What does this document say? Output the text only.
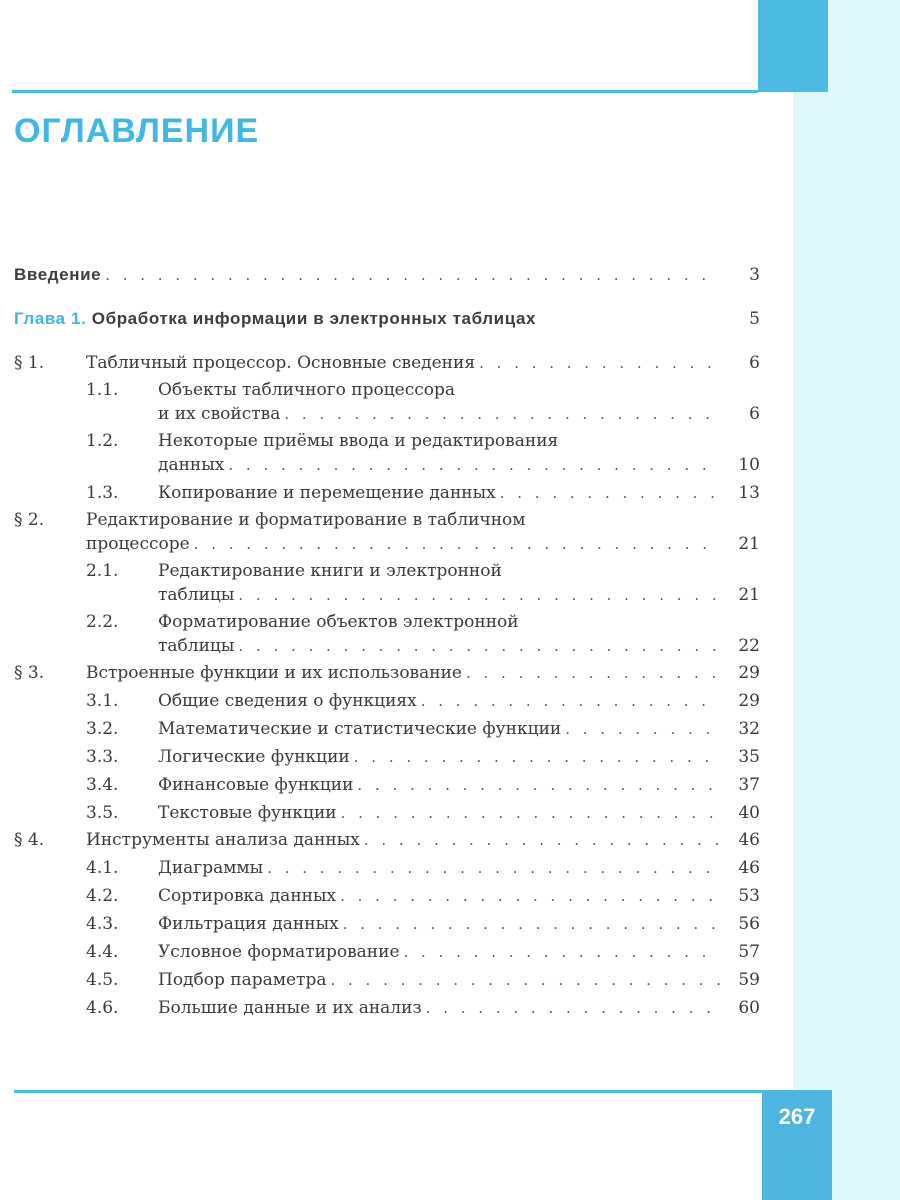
ОГЛАВЛЕНИЕ
Введение . . .	3
Глава 1. Обработка информации в электронных таблицах	5
§ 1. Табличный процессор. Основные сведения . . .	6
1.1. Объекты табличного процессора
и их свойства . . .	6
1.2. Некоторые приёмы ввода и редактирования
данных . . .	10
1.3. Копирование и перемещение данных . . .	13
§ 2. Редактирование и форматирование в табличном
процессоре . . .	21
2.1. Редактирование книги и электронной
таблицы . . .	21
2.2. Форматирование объектов электронной
таблицы . . .	22
§ 3. Встроенные функции и их использование . . .	29
3.1. Общие сведения о функциях . . .	29
3.2. Математические и статистические функции . . .	32
3.3. Логические функции . . .	35
3.4. Финансовые функции . . .	37
3.5. Текстовые функции . . .	40
§ 4. Инструменты анализа данных . . .	46
4.1. Диаграммы . . .	46
4.2. Сортировка данных . . .	53
4.3. Фильтрация данных . . .	56
4.4. Условное форматирование . . .	57
4.5. Подбор параметра . . .	59
4.6. Большие данные и их анализ . . .	60
267
